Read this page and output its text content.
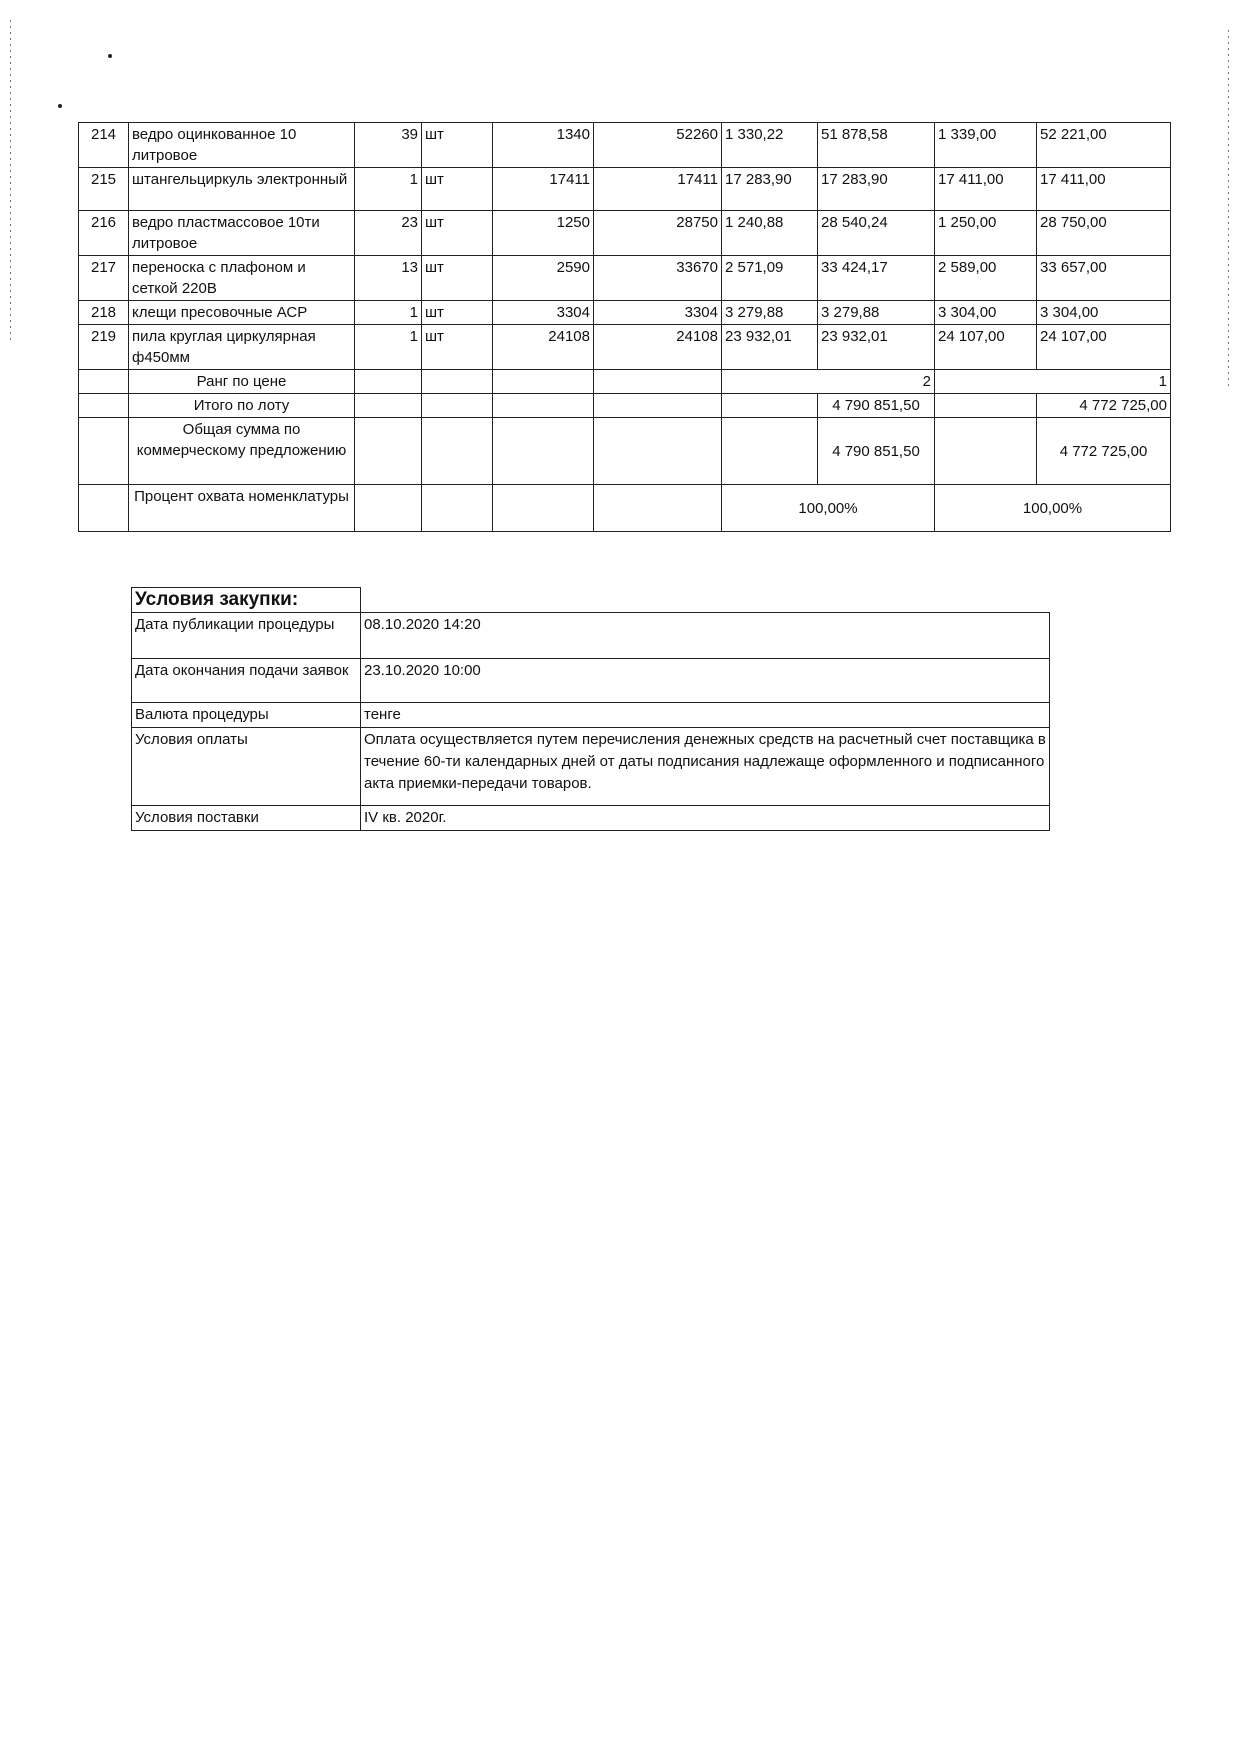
214	ведро оцинкованное 10 литровое	39	шт	1340	52260	1 330,22	51 878,58	1 339,00	52 221,00
215	штангельциркуль электронный	1	шт	17411	17411	17 283,90	17 283,90	17 411,00	17 411,00
216	ведро пластмассовое 10ти литровое	23	шт	1250	28750	1 240,88	28 540,24	1 250,00	28 750,00
217	переноска с плафоном и сеткой 220В	13	шт	2590	33670	2 571,09	33 424,17	2 589,00	33 657,00
218	клещи пресовочные АСР	1	шт	3304	3304	3 279,88	3 279,88	3 304,00	3 304,00
219	пила круглая циркулярная ф450мм	1	шт	24108	24108	23 932,01	23 932,01	24 107,00	24 107,00
	Ранг по цене					2		1	
	Итого по лоту						4 790 851,50		4 772 725,00
	Общая сумма по коммерческому предложению						4 790 851,50		4 772 725,00
	Процент охвата номенклатуры					100,00%		100,00%	
Условия закупки:	
Дата публикации процедуры	08.10.2020 14:20
Дата окончания подачи заявок	23.10.2020 10:00
Валюта процедуры	тенге
Условия оплаты	Оплата осуществляется путем перечисления денежных средств на расчетный счет поставщика в течение 60-ти календарных дней от даты подписания надлежаще оформленного и подписанного акта приемки-передачи товаров.
Условия поставки	IV кв. 2020г.
